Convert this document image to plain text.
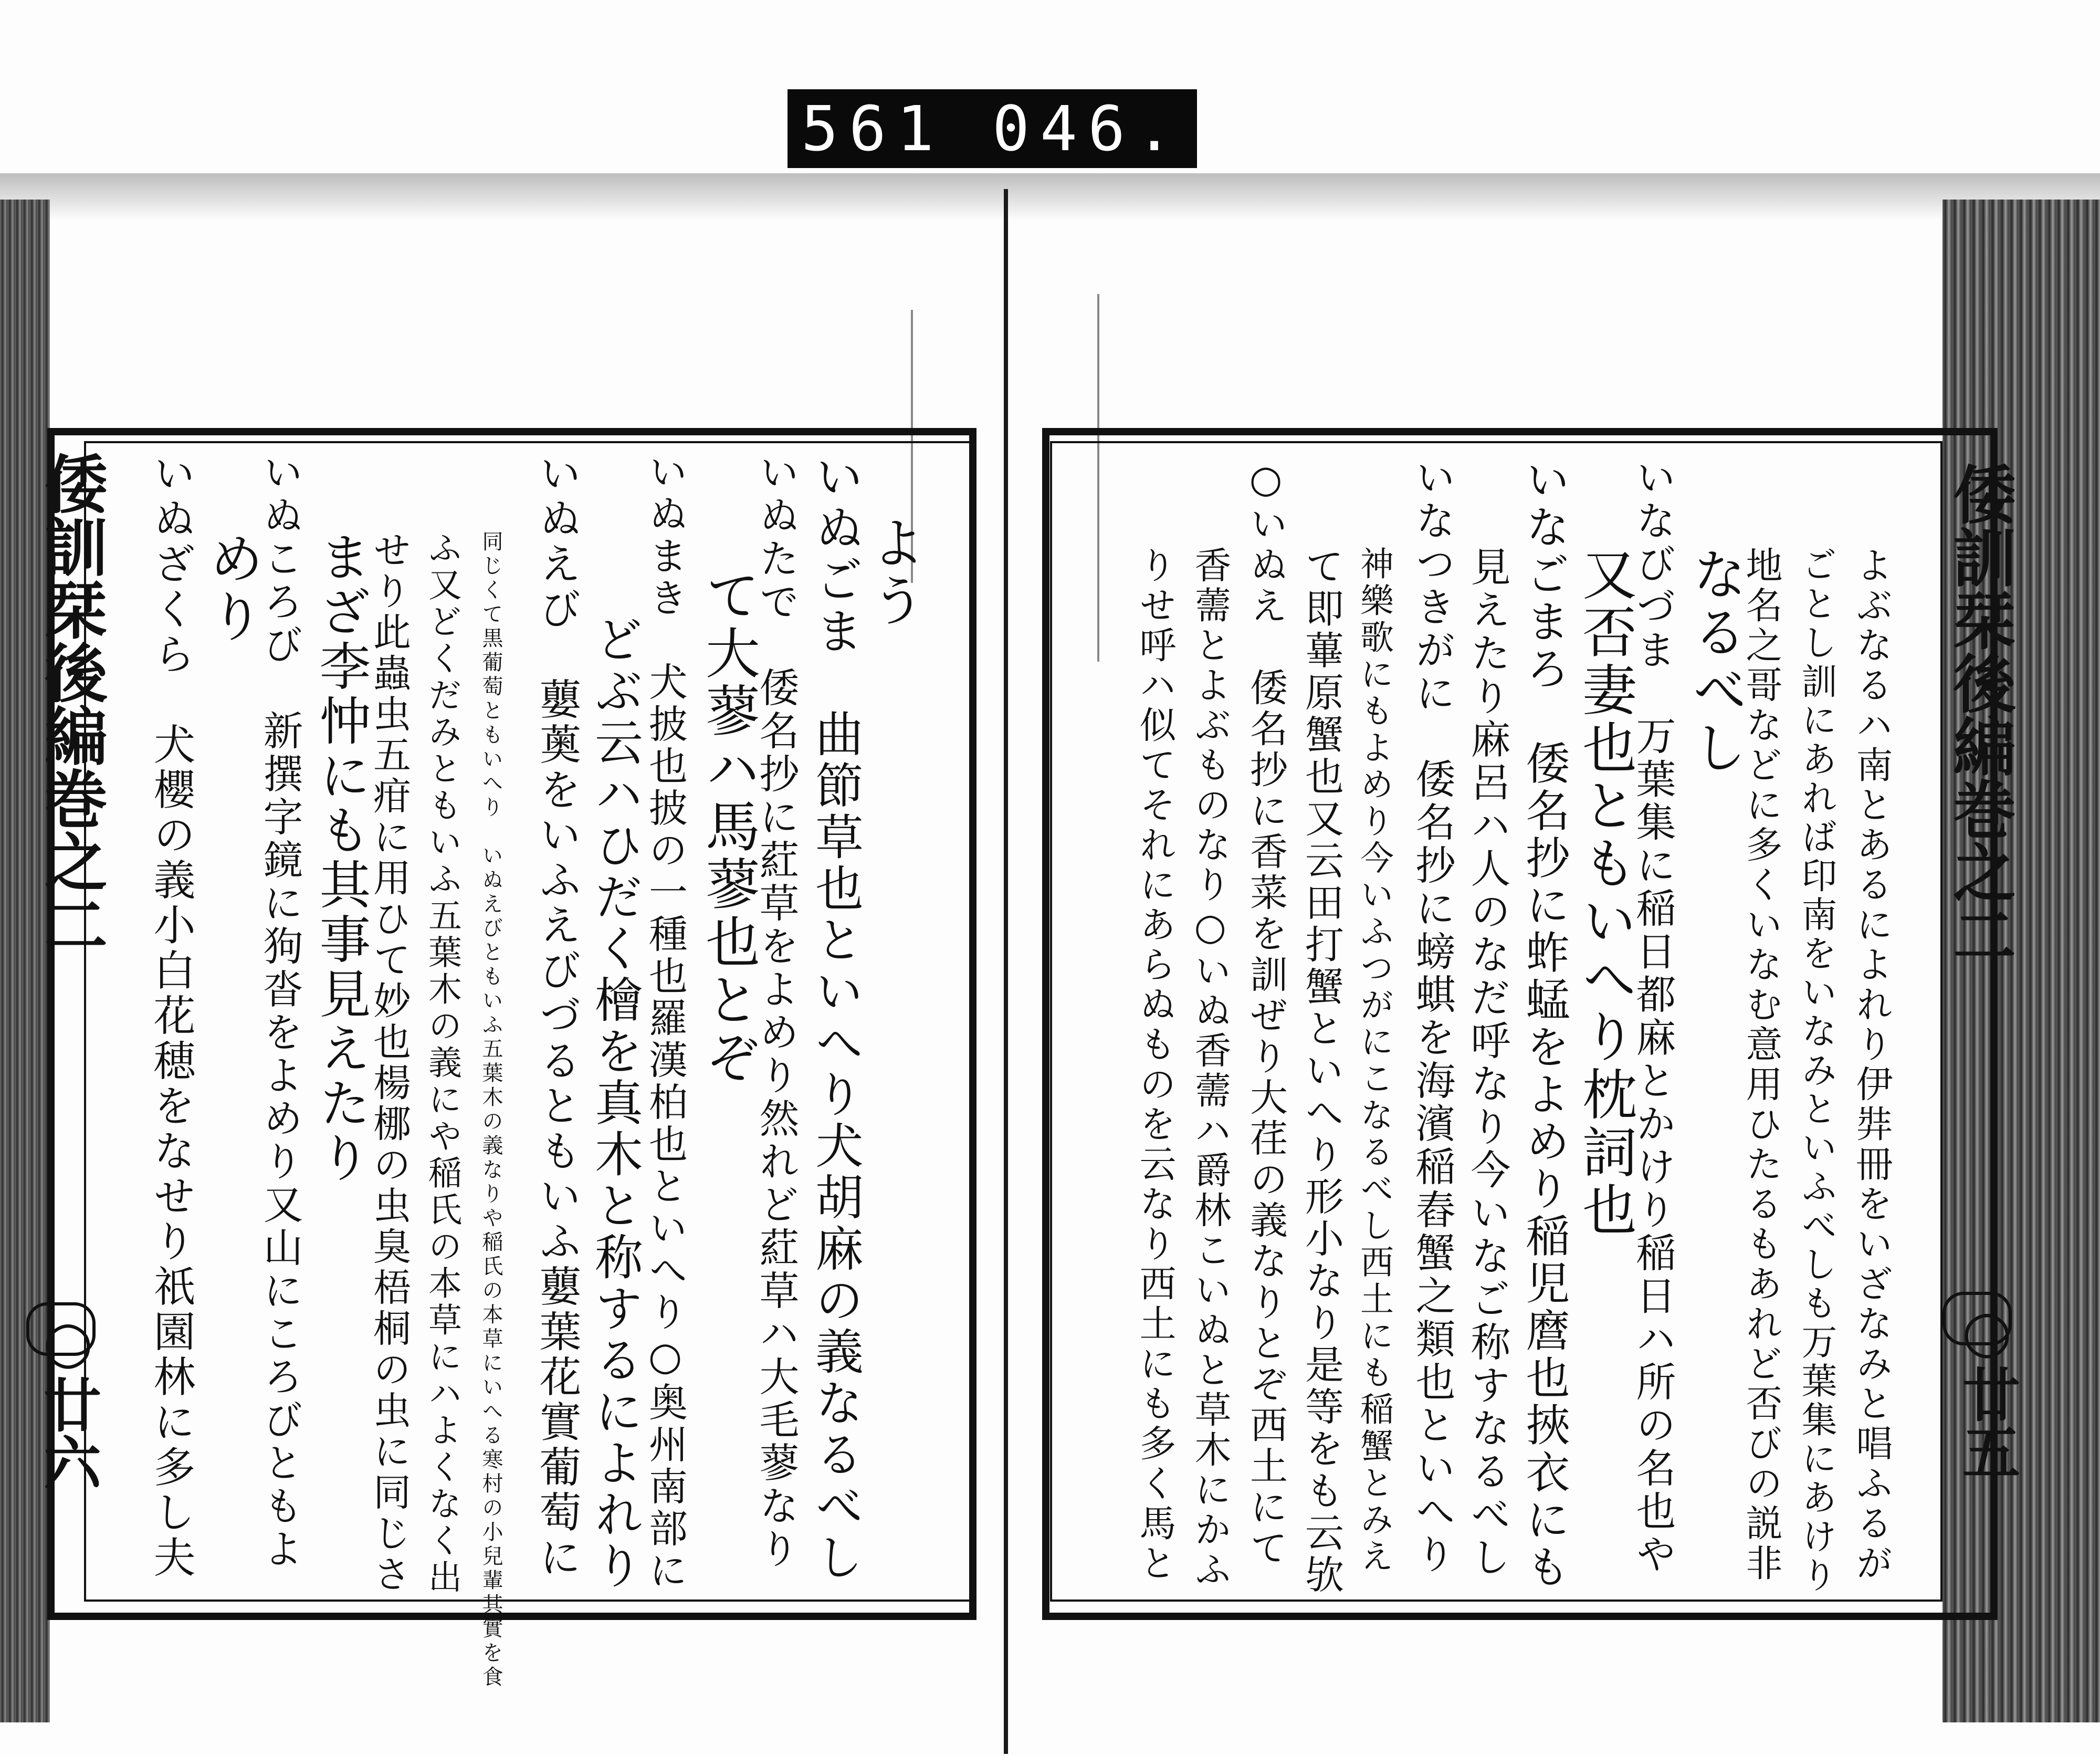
561 046.
倭訓栞後編巻之二
○廿六
よう
いぬごま　曲節草也といへり犬胡麻の義なるべし
いぬたで　倭名抄に葒草をよめり然れど葒草ハ大毛蓼なり
て大蓼ハ馬蓼也とぞ
いぬまき　犬披也披の一種也羅漢柏也といへり○奥州南部に
どぶ云ハひだく檜を真木と称するによれり
いぬえび　蘡薁をいふえびづるともいふ蘡葉花實葡萄に
同じくて黒葡萄ともいへり　いぬえびともいふ五葉木の義なりや稲氏の本草にいへる寒村の小兒輩其實を食
ふ又どくだみともいふ五葉木の義にや稲氏の本草にハよくなく出
せり此蟲虫五疳に用ひて妙也楊梛の虫臭梧桐の虫に同じさ
まざ李忡にも其事見えたり
いぬころび　新撰字鏡に狗沓をよめり又山にころびともよ
めり
いぬざくら　犬櫻の義小白花穂をなせり祇園林に多し夫	倭訓栞後編巻之二
○廿五
よぶなるハ南とあるによれり伊弉冊をいざなみと唱ふるが
ごとし訓にあれば印南をいなみといふべしも万葉集にあけり
地名之哥などに多くいなむ意用ひたるもあれど否びの説非
なるべし
いなびづま　万葉集に稲日都麻とかけり稲日ハ所の名也や
又否妻也ともいへり枕詞也
いなごまろ　倭名抄に蚱蜢をよめり稲児麿也挾衣にも
見えたり麻呂ハ人のなだ呼なり今いなご称すなるべし
いなつきがに　倭名抄に螃蜞を海濱稲舂蟹之類也といへり
神樂歌にもよめり今いふつがにこなるべし西土にも稲蟹とみえ
て即蓽原蟹也又云田打蟹といへり形小なり是等をも云欤
○いぬえ　倭名抄に香菜を訓ぜり大荏の義なりとぞ西土にて
香薷とよぶものなり○いぬ香薷ハ爵林こいぬと草木にかふ
りせ呼ハ似てそれにあらぬものを云なり西土にも多く馬と
